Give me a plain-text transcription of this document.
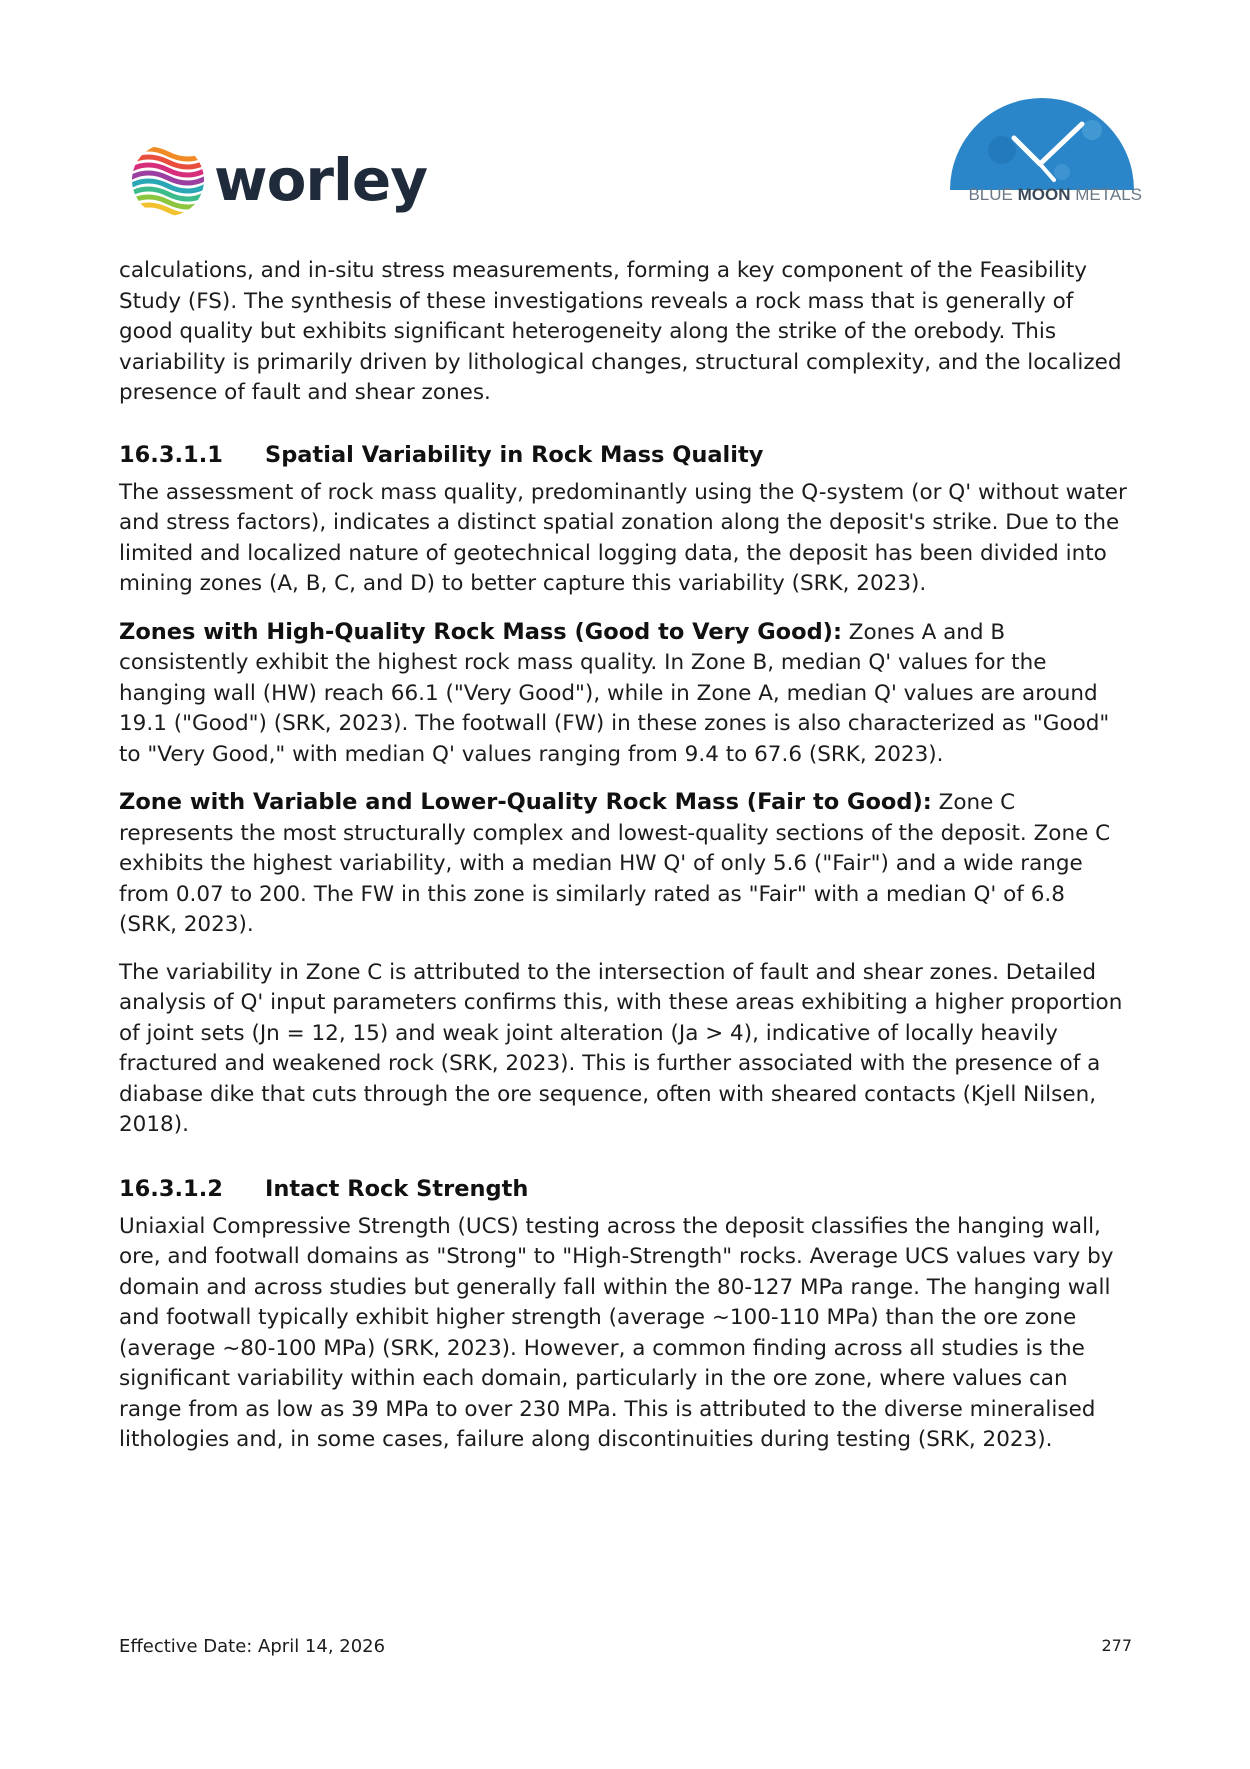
worley	BLUE MOON METALS

calculations, and in-situ stress measurements, forming a key component of the Feasibility Study (FS). The synthesis of these investigations reveals a rock mass that is generally of good quality but exhibits significant heterogeneity along the strike of the orebody. This variability is primarily driven by lithological changes, structural complexity, and the localized presence of fault and shear zones.

16.3.1.1 Spatial Variability in Rock Mass Quality

The assessment of rock mass quality, predominantly using the Q-system (or Q' without water and stress factors), indicates a distinct spatial zonation along the deposit's strike. Due to the limited and localized nature of geotechnical logging data, the deposit has been divided into mining zones (A, B, C, and D) to better capture this variability (SRK, 2023).

Zones with High-Quality Rock Mass (Good to Very Good): Zones A and B consistently exhibit the highest rock mass quality. In Zone B, median Q' values for the hanging wall (HW) reach 66.1 ("Very Good"), while in Zone A, median Q' values are around 19.1 ("Good") (SRK, 2023). The footwall (FW) in these zones is also characterized as "Good" to "Very Good," with median Q' values ranging from 9.4 to 67.6 (SRK, 2023).

Zone with Variable and Lower-Quality Rock Mass (Fair to Good): Zone C represents the most structurally complex and lowest-quality sections of the deposit. Zone C exhibits the highest variability, with a median HW Q' of only 5.6 ("Fair") and a wide range from 0.07 to 200. The FW in this zone is similarly rated as "Fair" with a median Q' of 6.8 (SRK, 2023).

The variability in Zone C is attributed to the intersection of fault and shear zones. Detailed analysis of Q' input parameters confirms this, with these areas exhibiting a higher proportion of joint sets (Jn = 12, 15) and weak joint alteration (Ja > 4), indicative of locally heavily fractured and weakened rock (SRK, 2023). This is further associated with the presence of a diabase dike that cuts through the ore sequence, often with sheared contacts (Kjell Nilsen, 2018).

16.3.1.2 Intact Rock Strength

Uniaxial Compressive Strength (UCS) testing across the deposit classifies the hanging wall, ore, and footwall domains as "Strong" to "High-Strength" rocks. Average UCS values vary by domain and across studies but generally fall within the 80-127 MPa range. The hanging wall and footwall typically exhibit higher strength (average ~100-110 MPa) than the ore zone (average ~80-100 MPa) (SRK, 2023). However, a common finding across all studies is the significant variability within each domain, particularly in the ore zone, where values can range from as low as 39 MPa to over 230 MPa. This is attributed to the diverse mineralised lithologies and, in some cases, failure along discontinuities during testing (SRK, 2023).

Effective Date: April 14, 2026	277
